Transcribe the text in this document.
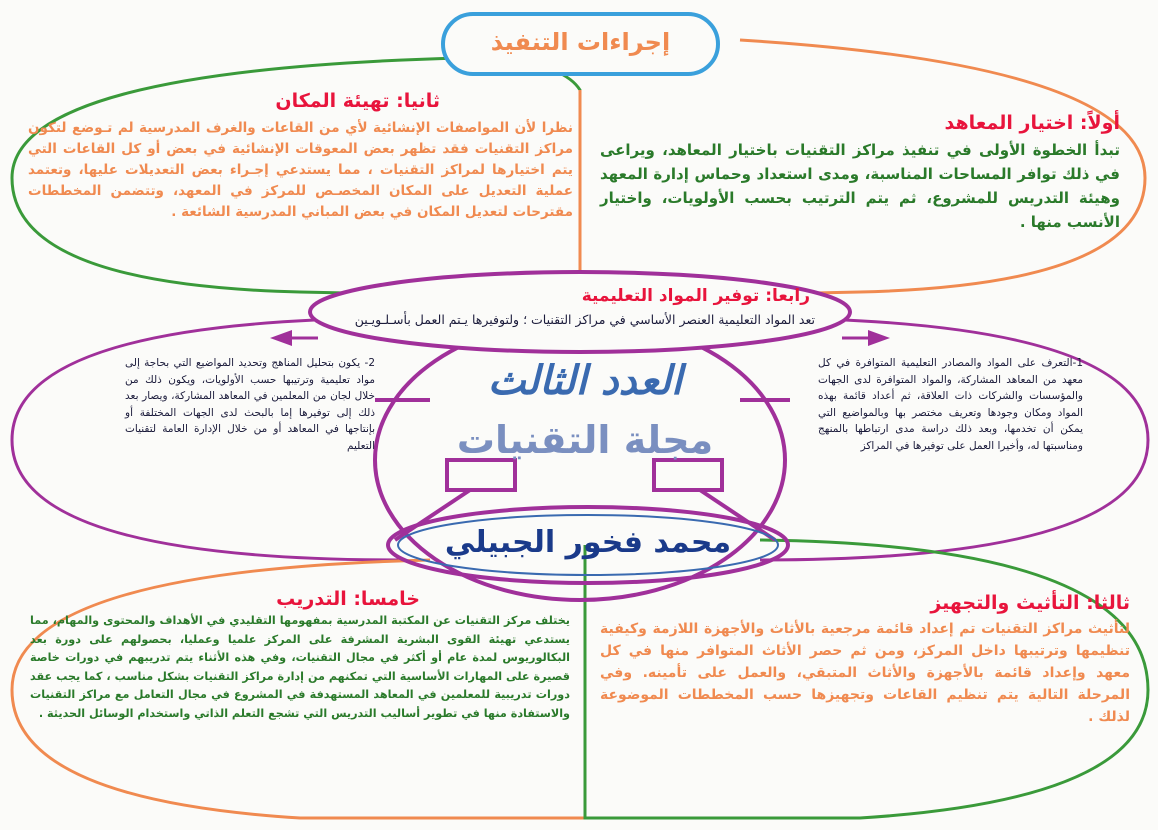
إجراءات التنفيذ
أولاً: اختيار المعاهد
تبدأ الخطوة الأولى في تنفيذ مراكز التقنيات باختيار المعاهد، ويراعى في ذلك توافر المساحات المناسبة، ومدى استعداد وحماس إدارة المعهد وهيئة التدريس للمشروع، ثم يتم الترتيب بحسب الأولويات، واختيار الأنسب منها .
ثانيا: تهيئة المكان
نظرا لأن المواصفات الإنشائية لأي من القاعات والغرف المدرسية لم تـوضع لتكون مراكز التقنيات فقد تظهر بعض المعوقات الإنشائية في بعض أو كل القاعات التي يتم اختيارها لمراكز التقنيات ، مما يستدعي إجـراء بعض التعديلات عليها، وتعتمد عملية التعديل على المكان المخصـص للمركز في المعهد، وتتضمن المخططات مقترحات لتعديل المكان في بعض المباني المدرسية الشائعة .
رابعا: توفير المواد التعليمية
تعد المواد التعليمية العنصر الأساسي في مراكز التقنيات ؛ ولتوفيرها يـتم العمل بأسـلـويـين
1-التعرف على المواد والمصادر التعليمية المتوافرة في كل معهد من المعاهد المشاركة، والمواد المتوافرة لدى الجهات والمؤسسات والشركات ذات العلاقة، ثم أعداد قائمة بهذه المواد ومكان وجودها وتعريف مختصر بها وبالمواضيع التي يمكن أن تخدمها، وبعد ذلك دراسة مدى ارتباطها بالمنهج ومناسبتها له، وأخيرا العمل على توفيرها في المراكز
2- يكون بتحليل المناهج وتحديد المواضيع التي بحاجة إلى مواد تعليمية وترتيبها حسب الأولويات، ويكون ذلك من خلال لجان من المعلمين في المعاهد المشاركة، ويصار بعد ذلك إلى توفيرها إما بالبحث لدى الجهات المختلفة أو بإنتاجها في المعاهد أو من خلال الإدارة العامة لتقنيات التعليم
العدد الثالث
مجلة التقنيات
محمد فخور الجبيلي
ثالثا: التأثيث والتجهيز
لتأثيث مراكز التقنيات تم إعداد قائمة مرجعية بالأثاث والأجهزة اللازمة وكيفية تنظيمها وترتيبها داخل المركز، ومن ثم حصر الأثاث المتوافر منها في كل معهد وإعداد قائمة بالأجهزة والأثاث المتبقي، والعمل على تأمينه. وفي المرحلة التالية يتم تنظيم القاعات وتجهيزها حسب المخططات الموضوعة لذلك .
خامسا: التدريب
يختلف مركز التقنيات عن المكتبة المدرسية بمفهومها التقليدي في الأهداف والمحتوى والمهام، مما يستدعي تهيئة القوى البشرية المشرفة على المركز علميا وعمليا، بحصولهم على دورة بعد البكالوريوس لمدة عام أو أكثر في مجال التقنيات، وفي هذه الأثناء يتم تدريبهم في دورات خاصة قصيرة على المهارات الأساسية التي تمكنهم من إدارة مراكز التقنيات بشكل مناسب ، كما يجب عقد دورات تدريبية للمعلمين في المعاهد المستهدفة في المشروع في مجال التعامل مع مراكز التقنيات والاستفادة منها في تطوير أساليب التدريس التي تشجع التعلم الذاتي واستخدام الوسائل الحديثة .
